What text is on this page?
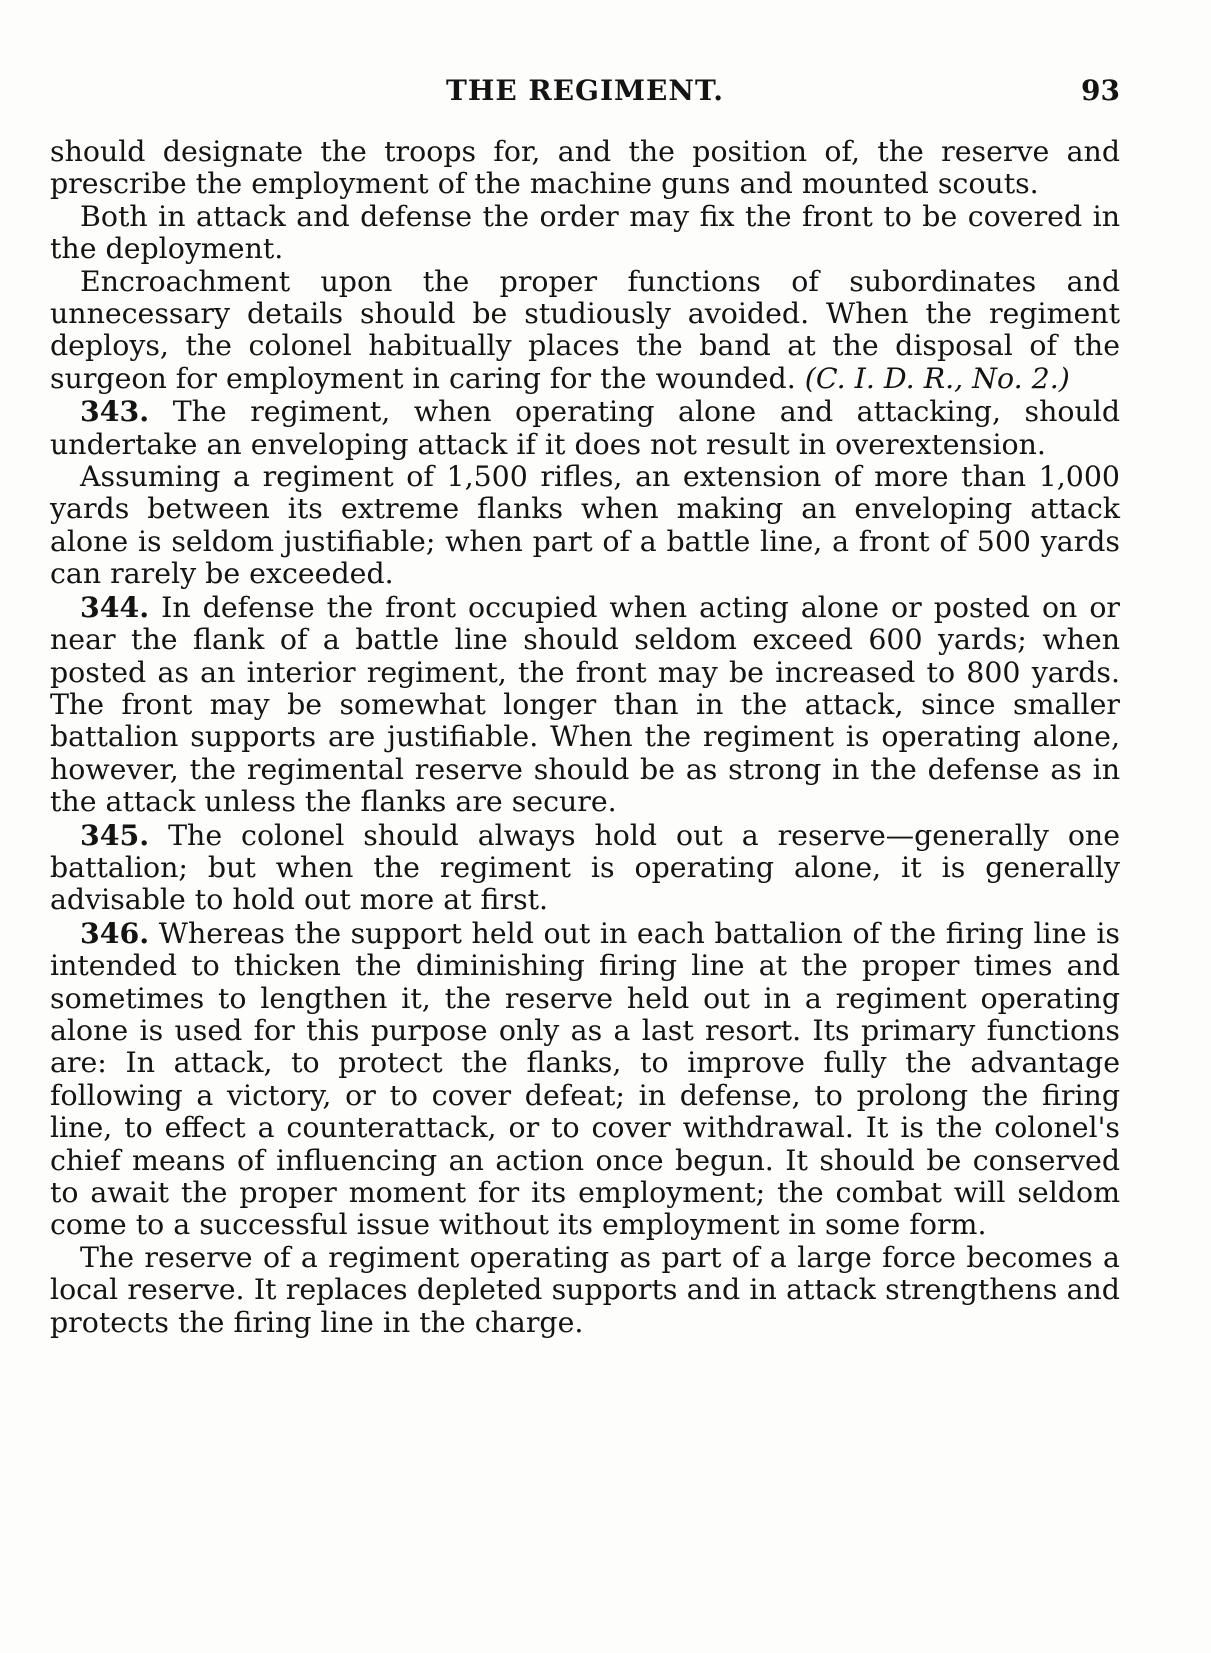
THE REGIMENT.	93

should designate the troops for, and the position of, the reserve and prescribe the employment of the machine guns and mounted scouts.

Both in attack and defense the order may fix the front to be covered in the deployment.

Encroachment upon the proper functions of subordinates and unnecessary details should be studiously avoided. When the regiment deploys, the colonel habitually places the band at the disposal of the surgeon for employment in caring for the wounded. (C. I. D. R., No. 2.)

343. The regiment, when operating alone and attacking, should undertake an enveloping attack if it does not result in overextension.

Assuming a regiment of 1,500 rifles, an extension of more than 1,000 yards between its extreme flanks when making an enveloping attack alone is seldom justifiable; when part of a battle line, a front of 500 yards can rarely be exceeded.

344. In defense the front occupied when acting alone or posted on or near the flank of a battle line should seldom exceed 600 yards; when posted as an interior regiment, the front may be increased to 800 yards. The front may be somewhat longer than in the attack, since smaller battalion supports are justifiable. When the regiment is operating alone, however, the regimental reserve should be as strong in the defense as in the attack unless the flanks are secure.

345. The colonel should always hold out a reserve—generally one battalion; but when the regiment is operating alone, it is generally advisable to hold out more at first.

346. Whereas the support held out in each battalion of the firing line is intended to thicken the diminishing firing line at the proper times and sometimes to lengthen it, the reserve held out in a regiment operating alone is used for this purpose only as a last resort. Its primary functions are: In attack, to protect the flanks, to improve fully the advantage following a victory, or to cover defeat; in defense, to prolong the firing line, to effect a counterattack, or to cover withdrawal. It is the colonel's chief means of influencing an action once begun. It should be conserved to await the proper moment for its employment; the combat will seldom come to a successful issue without its employment in some form.

The reserve of a regiment operating as part of a large force becomes a local reserve. It replaces depleted supports and in attack strengthens and protects the firing line in the charge.
